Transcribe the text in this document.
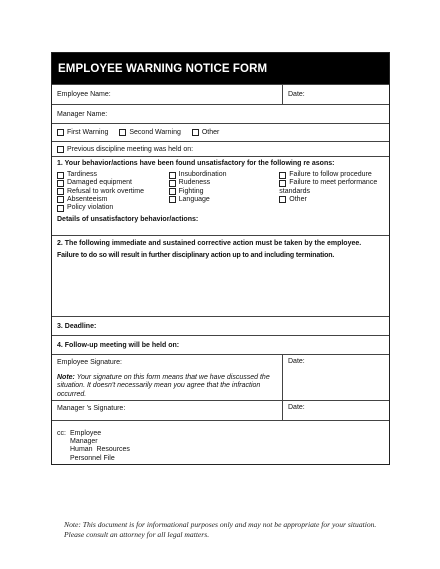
EMPLOYEE WARNING NOTICE FORM
Employee Name:	Date:
Manager Name:
First Warning	Second Warning	Other
Previous discipline meeting was held on:
1. Your behavior/actions have been found unsatisfactory for the following re asons:
Tardiness
Damaged equipment
Refusal to work overtime
Absenteeism
Policy violation
Insubordination
Rudeness
Fighting
Language
Failure to follow procedure
Failure to meet performance standards
Other
Details of unsatisfactory behavior/actions:
2. The following immediate and sustained corrective action must be taken by the employee.
Failure to do so will result in further disciplinary action up to and including termination.
3. Deadline:
4. Follow-up meeting will be held on:
Employee Signature:
Note: Your signature on this form means that we have discussed the situation. It doesn't necessarily mean you agree that the infraction occurred.
Date:
Manager 's Signature:	Date:
cc: Employee
Manager
Human  Resources
Personnel File
Note: This document is for informational purposes only and may not be appropriate for your situation. Please consult an attorney for all legal matters.
